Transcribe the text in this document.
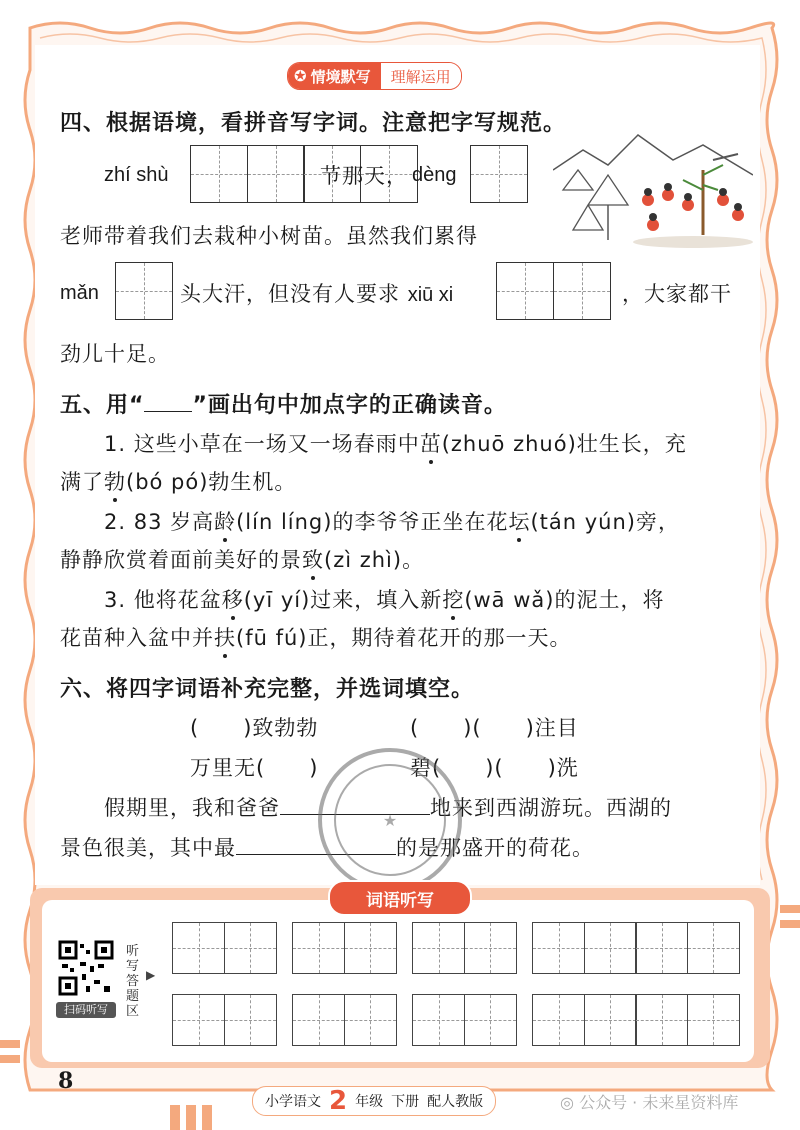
✪ 情境默写	理解运用
四、根据语境，看拼音写字词。注意把字写规范。
zhí shù	节那天， dèng
老师带着我们去栽种小树苗。虽然我们累得
mǎn	头大汗，但没有人要求 xiū xi	，大家都干
劲儿十足。
五、用“ ”画出句中加点字的正确读音。
1. 这些小草在一场又一场春雨中茁(zhuō zhuó)壮生长，充
满了勃(bó pó)勃生机。
2. 83 岁高龄(lín líng)的李爷爷正坐在花坛(tán yún)旁，
静静欣赏着面前美好的景致(zì zhì)。
3. 他将花盆移(yī yí)过来，填入新挖(wā wǎ)的泥土，将
花苗种入盆中并扶(fū fú)正，期待着花开的那一天。
六、将四字词语补充完整，并选词填空。
(　　)致勃勃	(　　)(　　)注目
万里无(　　)	碧(　　)(　　)洗
假期里，我和爸爸	地来到西湖游玩。西湖的
景色很美，其中最	的是那盛开的荷花。
★
词语听写
扫码听写
听写答题区
▶
8
小学语文 2 年级 下册 配人教版	◎ 公众号 · 未来星资料库
